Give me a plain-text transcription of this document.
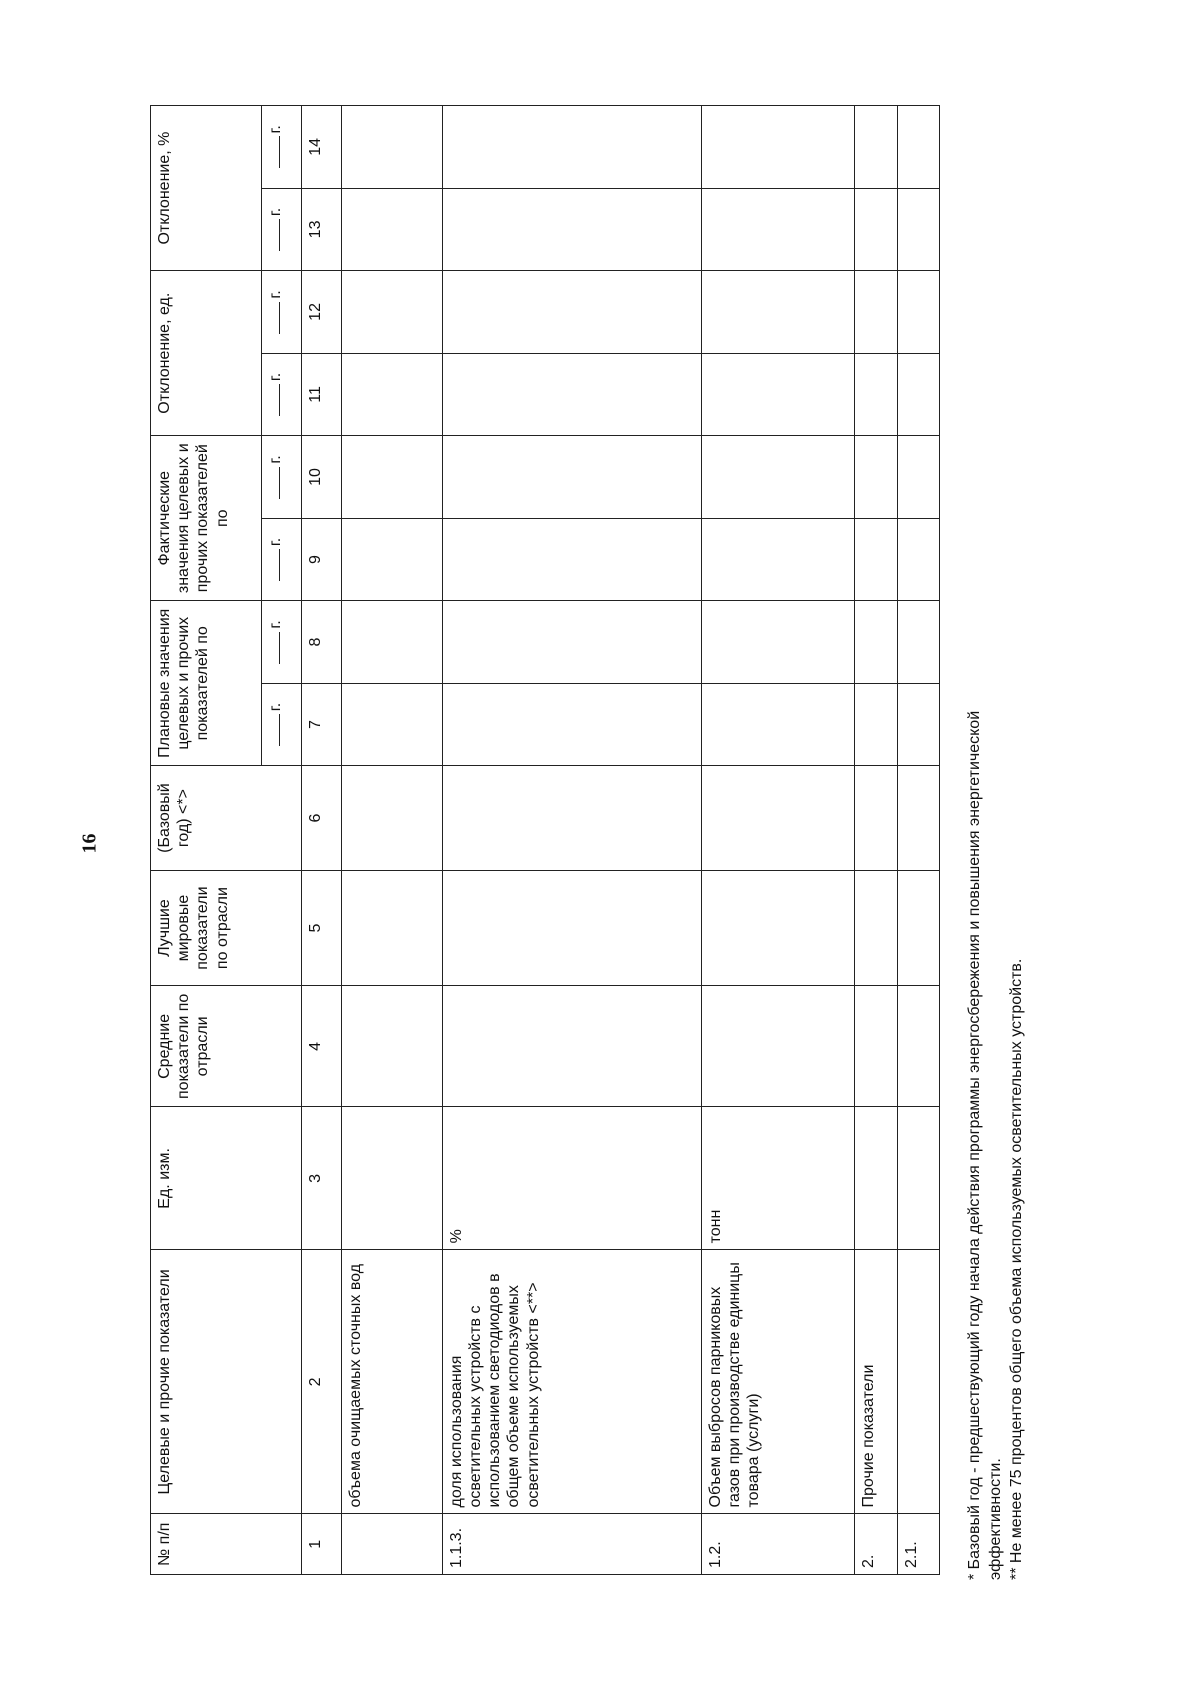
16
№ п/п	Целевые и прочие показатели	Ед. изм.	Средние показатели по отрасли	Лучшие мировые показатели по отрасли	(Базовый год) <*>	Плановые значения целевых и прочих показателей по		Фактические значения целевых и прочих показателей по		Отклонение, ед.		Отклонение, %	
						г.	г.	г.	г.	г.	г.	г.	г.
1	2	3	4	5	6	7	8	9	10	11	12	13	14
	объема очищаемых сточных вод												
1.1.3.	доля использования осветительных устройств с использованием светодиодов в общем объеме используемых осветительных устройств <**>	%											
1.2.	Объем выбросов парниковых газов при производстве единицы товара (услуги)	тонн											
2.	Прочие показатели												
2.1.														* Базовый год - предшествующий году начала действия программы энергосбережения и повышения энергетической эффективности. ** Не менее 75 процентов общего объема используемых осветительных устройств.
